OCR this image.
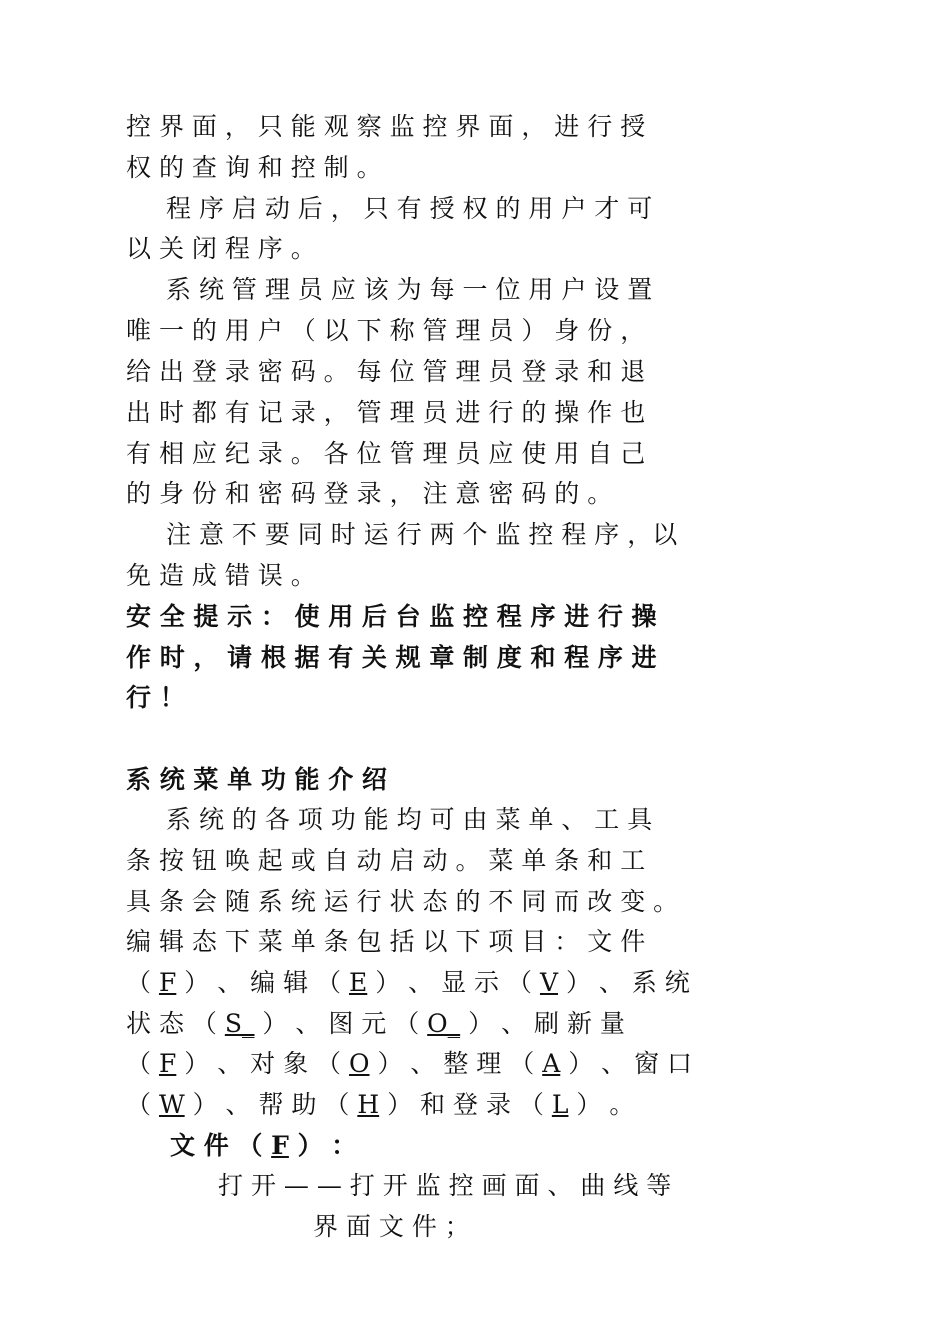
控 界 面 ， 只 能 观 察 监 控 界 面 ， 进 行 授
权 的 查 询 和 控 制 。
程 序 启 动 后 ， 只 有 授 权 的 用 户 才 可
以 关 闭 程 序 。
系 统 管 理 员 应 该 为 每 一 位 用 户 设 置
唯 一 的 用 户 （ 以 下 称 管 理 员 ） 身 份 ，
给 出 登 录 密 码 。 每 位 管 理 员 登 录 和 退
出 时 都 有 记 录 ， 管 理 员 进 行 的 操 作 也
有 相 应 纪 录 。 各 位 管 理 员 应 使 用 自 己
的 身 份 和 密 码 登 录 ， 注 意 密 码 的 。
注 意 不 要 同 时 运 行 两 个 监 控 程 序 ，以
免 造 成 错 误 。
安 全 提 示 ： 使 用 后 台 监 控 程 序 进 行 操
作 时 ， 请 根 据 有 关 规 章 制 度 和 程 序 进
行 ！
系 统 菜 单 功 能 介 绍
系 统 的 各 项 功 能 均 可 由 菜 单 、 工 具
条 按 钮 唤 起 或 自 动 启 动 。 菜 单 条 和 工
具 条 会 随 系 统 运 行 状 态 的 不 同 而 改 变 。
编 辑 态 下 菜 单 条 包 括 以 下 项 目 ： 文 件
（ F ） 、 编 辑 （ E ） 、 显 示 （ V ） 、 系 统
状 态 （ S_ ） 、 图 元 （ O_ ） 、 刷 新 量
（ F ） 、 对 象 （ O ） 、 整 理 （ A ） 、 窗 口
（ W ） 、 帮 助 （ H ） 和 登 录 （ L ） 。
文 件 （ F ） ：
打 开 — — 打 开 监 控 画 面 、 曲 线 等
界 面 文 件 ；
